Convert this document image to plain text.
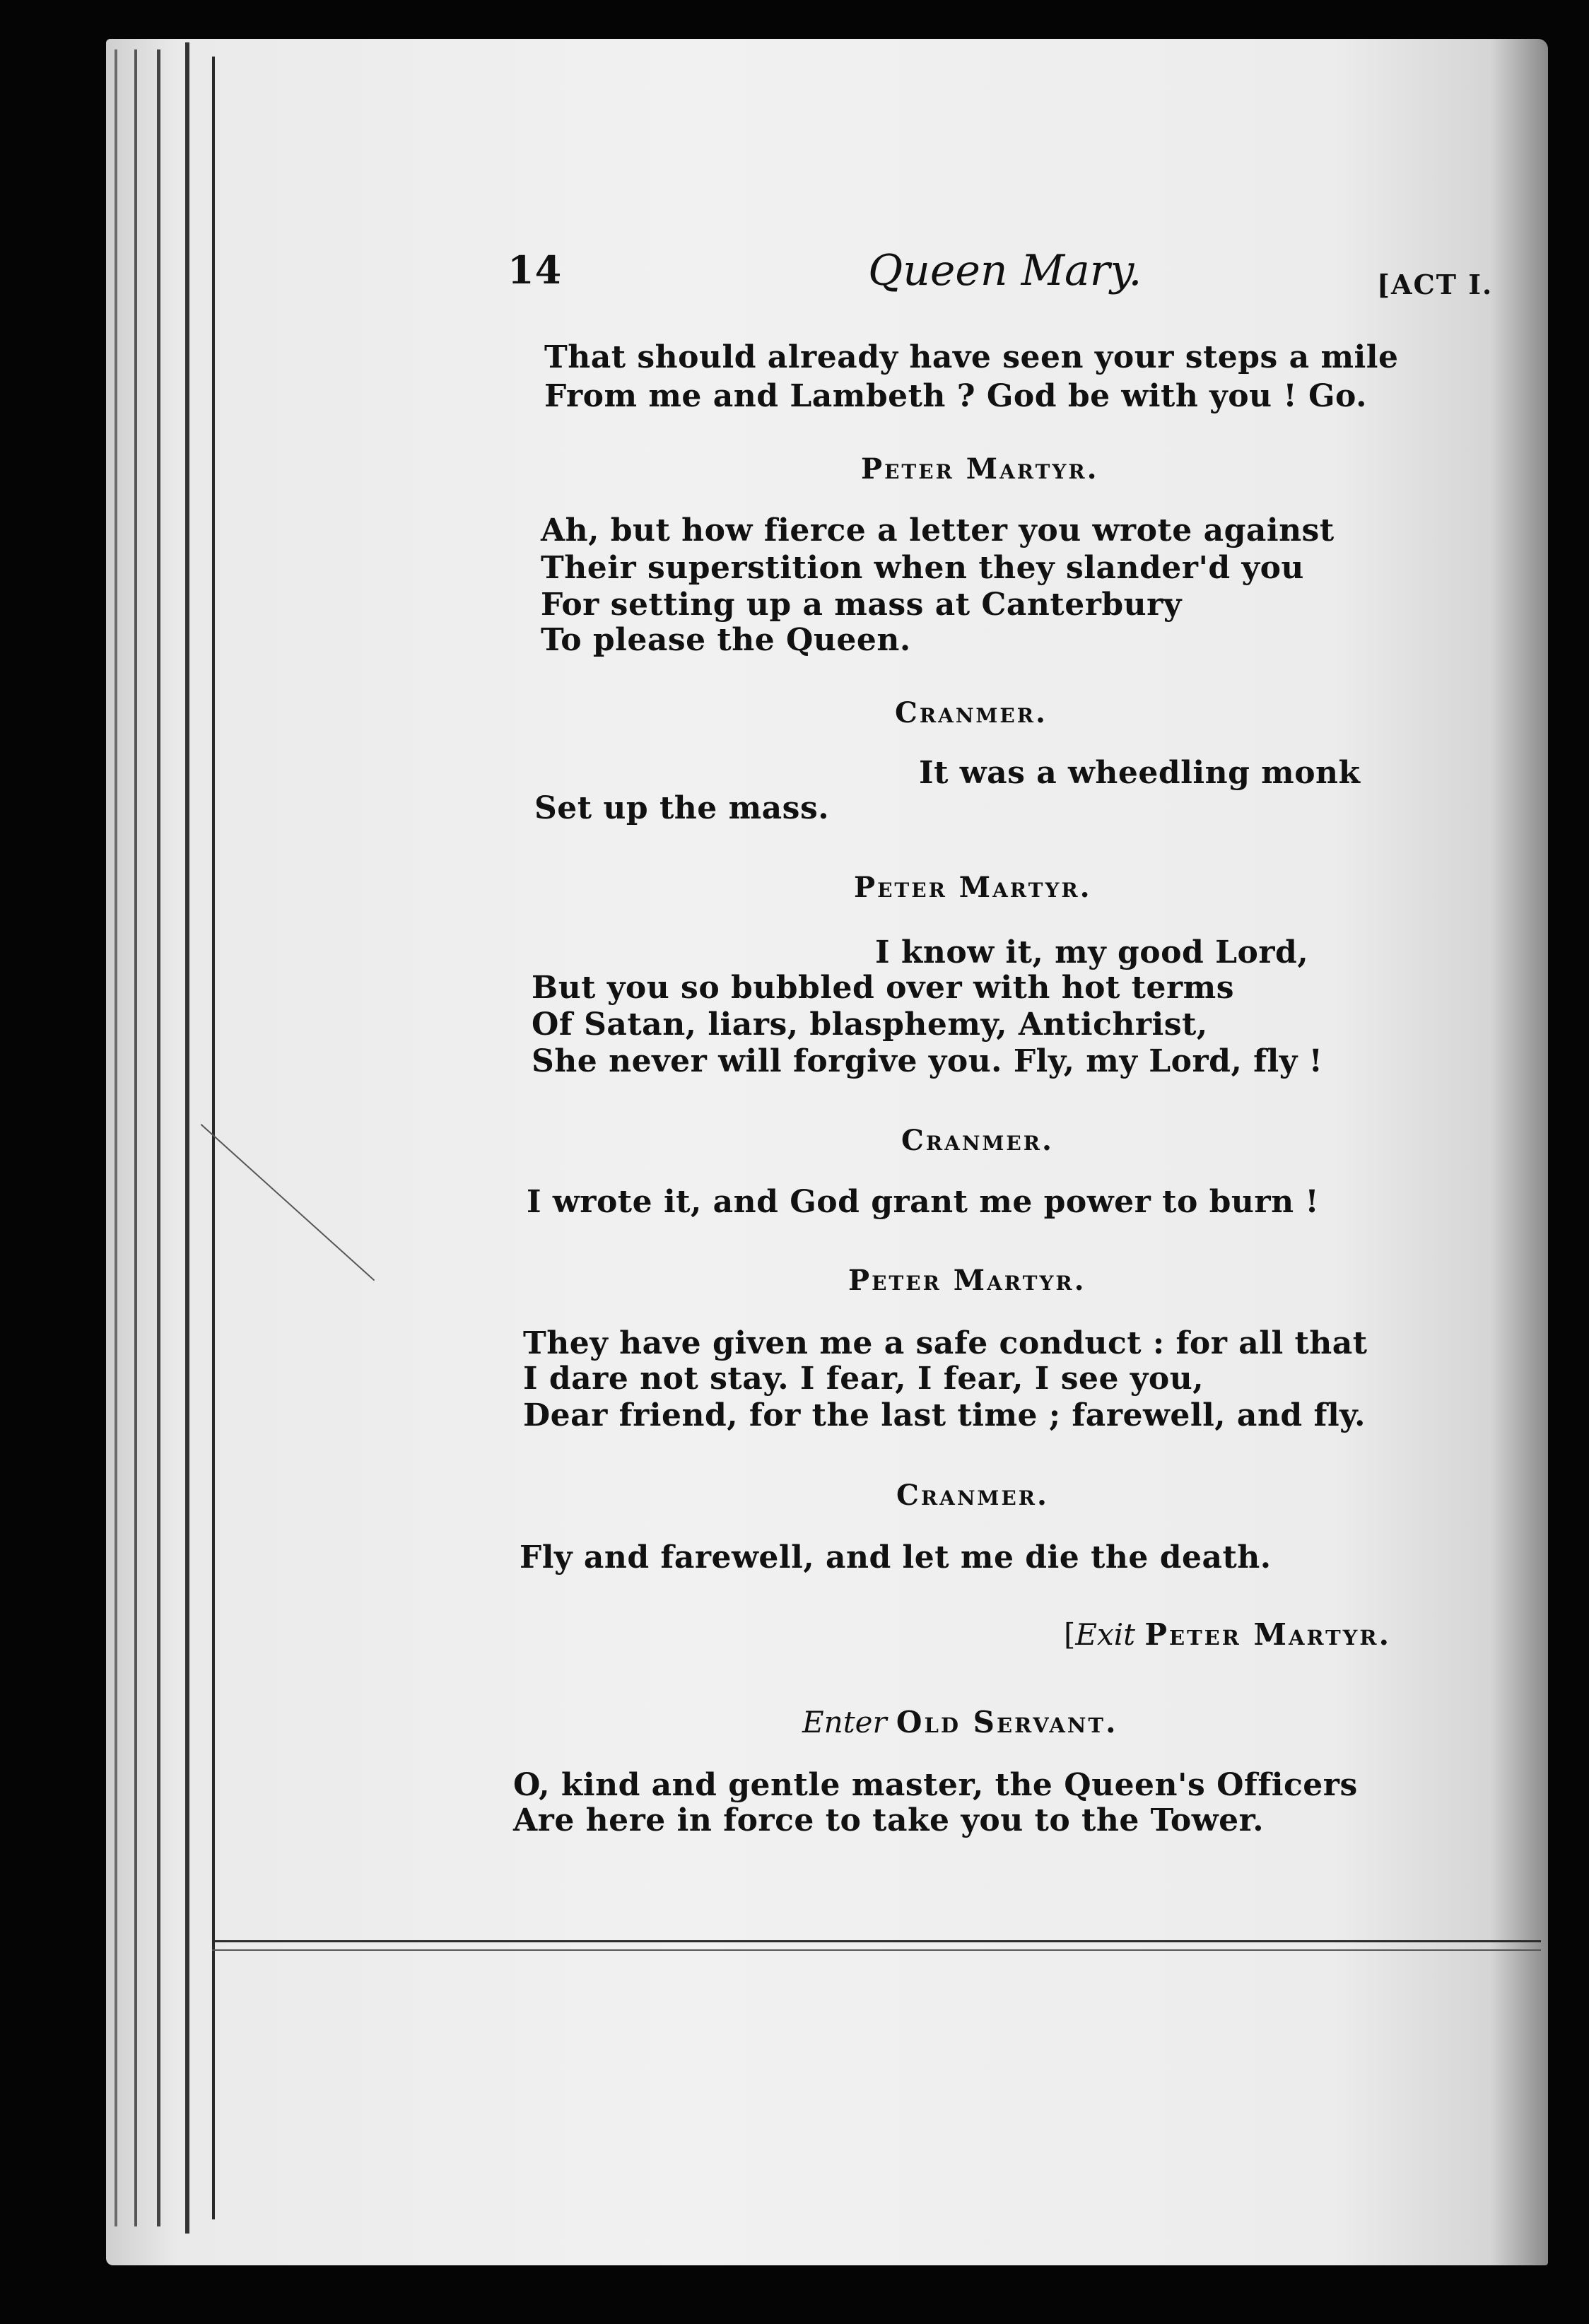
14	Queen Mary.	[ACT I.
That should already have seen your steps a mile
From me and Lambeth ? God be with you ! Go.
Peter Martyr.
Ah, but how fierce a letter you wrote against
Their superstition when they slander'd you
For setting up a mass at Canterbury
To please the Queen.
Cranmer.
It was a wheedling monk
Set up the mass.
Peter Martyr.
I know it, my good Lord,
But you so bubbled over with hot terms
Of Satan, liars, blasphemy, Antichrist,
She never will forgive you. Fly, my Lord, fly !
Cranmer.
I wrote it, and God grant me power to burn !
Peter Martyr.
They have given me a safe conduct : for all that
I dare not stay. I fear, I fear, I see you,
Dear friend, for the last time ; farewell, and fly.
Cranmer.
Fly and farewell, and let me die the death.
[Exit Peter Martyr.
Enter Old Servant.
O, kind and gentle master, the Queen's Officers
Are here in force to take you to the Tower.
